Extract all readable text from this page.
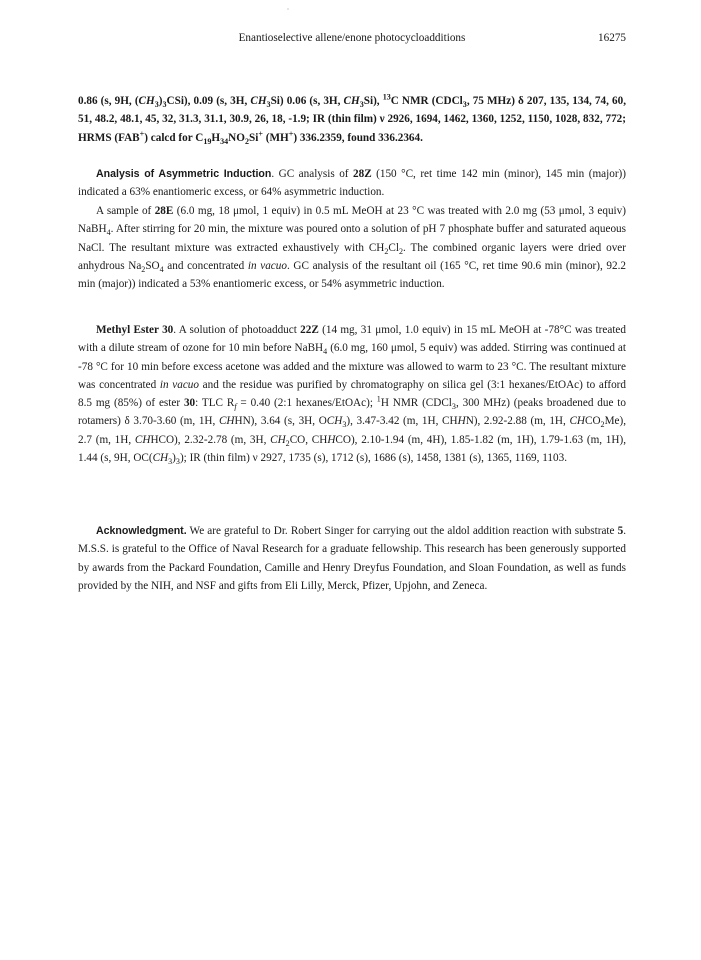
Enantioselective allene/enone photocycloadditions	16275

0.86 (s, 9H, $(CH_3)_3CSi$), 0.09 (s, 3H, $CH_3Si$) 0.06 (s, 3H, $CH_3Si$), $^{13}$C NMR (CDCl$_3$, 75 MHz) δ 207, 135, 134, 74, 60, 51, 48.2, 48.1, 45, 32, 31.3, 31.1, 30.9, 26, 18, -1.9; IR (thin film) ν 2926, 1694, 1462, 1360, 1252, 1150, 1028, 832, 772; HRMS (FAB+) calcd for $C_{19}H_{34}NO_2Si^+$ (MH+) 336.2359, found 336.2364.

Analysis of Asymmetric Induction. GC analysis of 28Z (150 °C, ret time 142 min (minor), 145 min (major)) indicated a 63% enantiomeric excess, or 64% asymmetric induction.

A sample of 28E (6.0 mg, 18 μmol, 1 equiv) in 0.5 mL MeOH at 23 °C was treated with 2.0 mg (53 μmol, 3 equiv) NaBH$_4$. After stirring for 20 min, the mixture was poured onto a solution of pH 7 phosphate buffer and saturated aqueous NaCl. The resultant mixture was extracted exhaustively with $CH_2Cl_2$. The combined organic layers were dried over anhydrous $Na_2SO_4$ and concentrated in vacuo. GC analysis of the resultant oil (165 °C, ret time 90.6 min (minor), 92.2 min (major)) indicated a 53% enantiomeric excess, or 54% asymmetric induction.

Methyl Ester 30. A solution of photoadduct 22Z (14 mg, 31 μmol, 1.0 equiv) in 15 mL MeOH at -78°C was treated with a dilute stream of ozone for 10 min before NaBH$_4$ (6.0 mg, 160 μmol, 5 equiv) was added. Stirring was continued at -78 °C for 10 min before excess acetone was added and the mixture was allowed to warm to 23 °C. The resultant mixture was concentrated in vacuo and the residue was purified by chromatography on silica gel (3:1 hexanes/EtOAc) to afford 8.5 mg (85%) of ester 30: TLC $R_f = 0.40$ (2:1 hexanes/EtOAc); $^1$H NMR (CDCl$_3$, 300 MHz) (peaks broadened due to rotamers) δ 3.70-3.60 (m, 1H, CHHN), 3.64 (s, 3H, $OCH_3$), 3.47-3.42 (m, 1H, CHHN), 2.92-2.88 (m, 1H, $CHCO_2Me$), 2.7 (m, 1H, CHHCO), 2.32-2.78 (m, 3H, $CH_2CO$, CHHCO), 2.10-1.94 (m, 4H), 1.85-1.82 (m, 1H), 1.79-1.63 (m, 1H), 1.44 (s, 9H, $OC(CH_3)_3$); IR (thin film) ν 2927, 1735 (s), 1712 (s), 1686 (s), 1458, 1381 (s), 1365, 1169, 1103.

Acknowledgment. We are grateful to Dr. Robert Singer for carrying out the aldol addition reaction with substrate 5. M.S.S. is grateful to the Office of Naval Research for a graduate fellowship. This research has been generously supported by awards from the Packard Foundation, Camille and Henry Dreyfus Foundation, and Sloan Foundation, as well as funds provided by the NIH, and NSF and gifts from Eli Lilly, Merck, Pfizer, Upjohn, and Zeneca.
